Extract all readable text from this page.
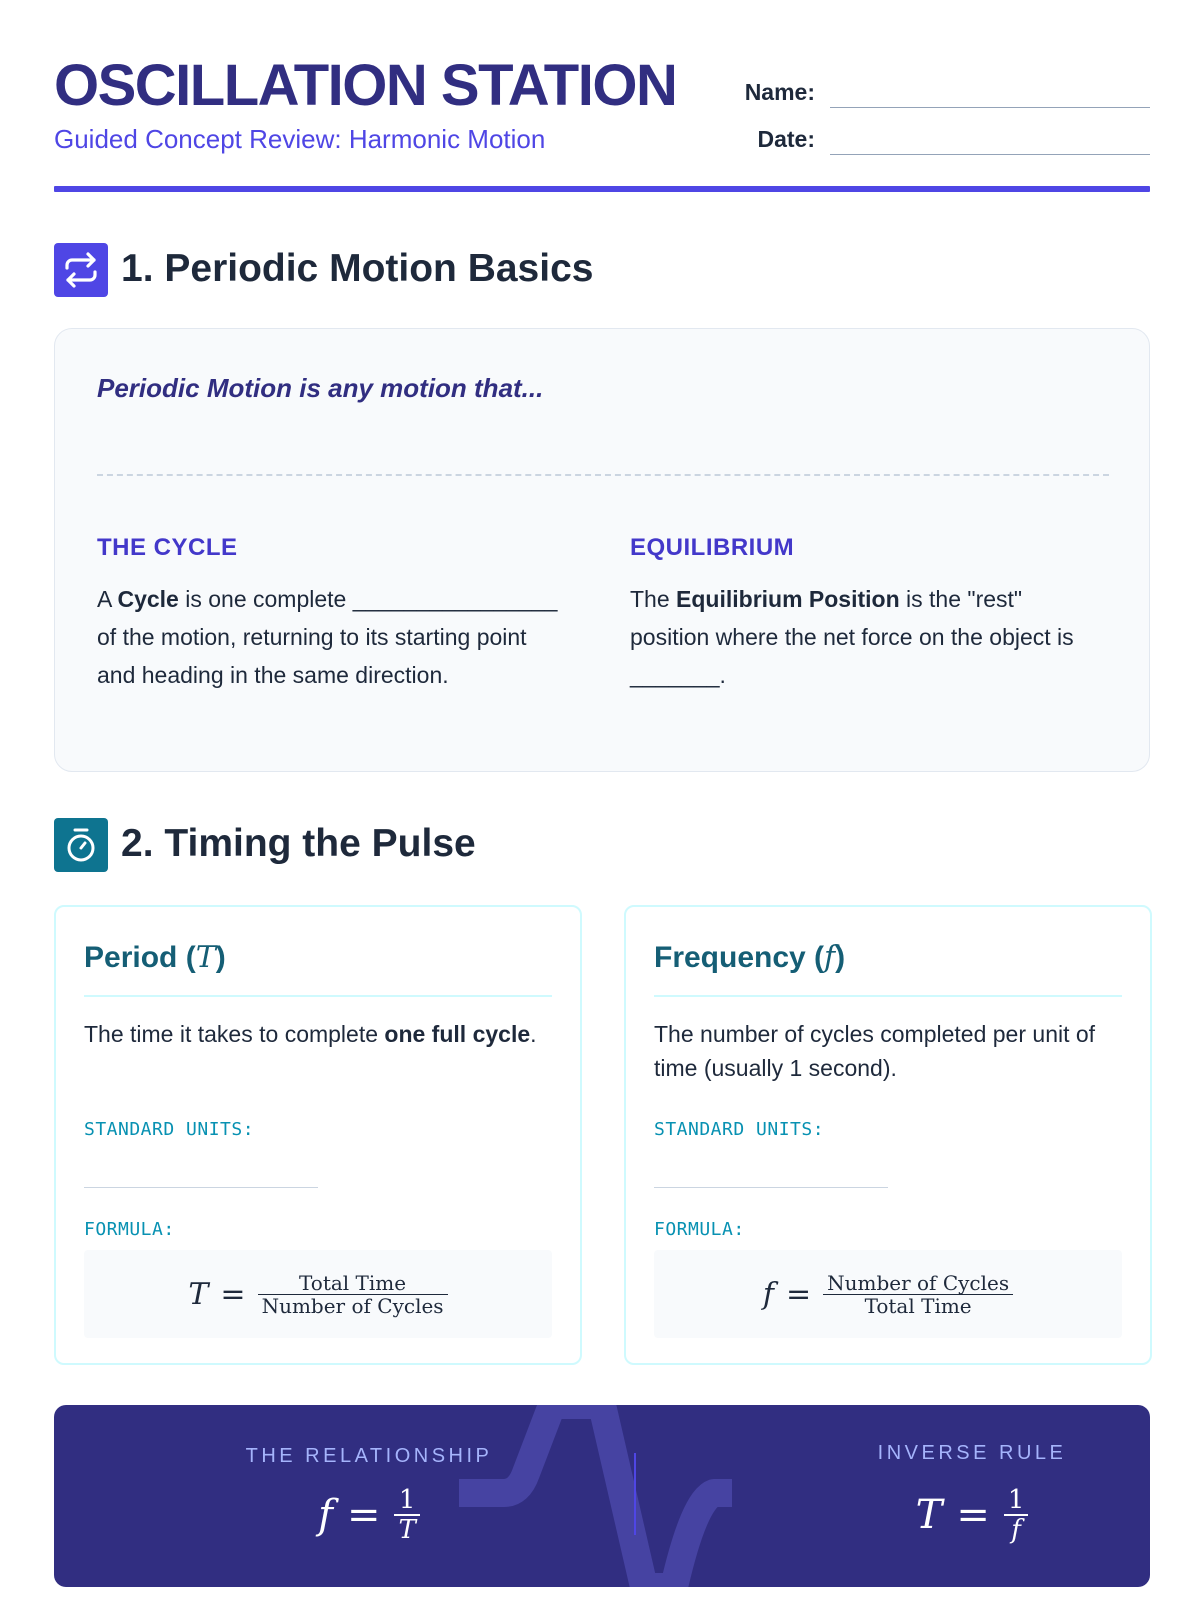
OSCILLATION STATION
Guided Concept Review: Harmonic Motion
Name:
Date:
1. Periodic Motion Basics
Periodic Motion is any motion that...
THE CYCLE
A Cycle is one complete ________________ of the motion, returning to its starting point and heading in the same direction.
EQUILIBRIUM
The Equilibrium Position is the "rest" position where the net force on the object is _______.
2. Timing the Pulse
Period (T)
The time it takes to complete one full cycle.
STANDARD UNITS:
FORMULA:
$T = \frac{\text{Total Time}}{\text{Number of Cycles}}$
Frequency (f)
The number of cycles completed per unit of time (usually 1 second).
STANDARD UNITS:
FORMULA:
$f = \frac{\text{Number of Cycles}}{\text{Total Time}}$
THE RELATIONSHIP
$f = \frac{1}{T}$
INVERSE RULE
$T = \frac{1}{f}$
